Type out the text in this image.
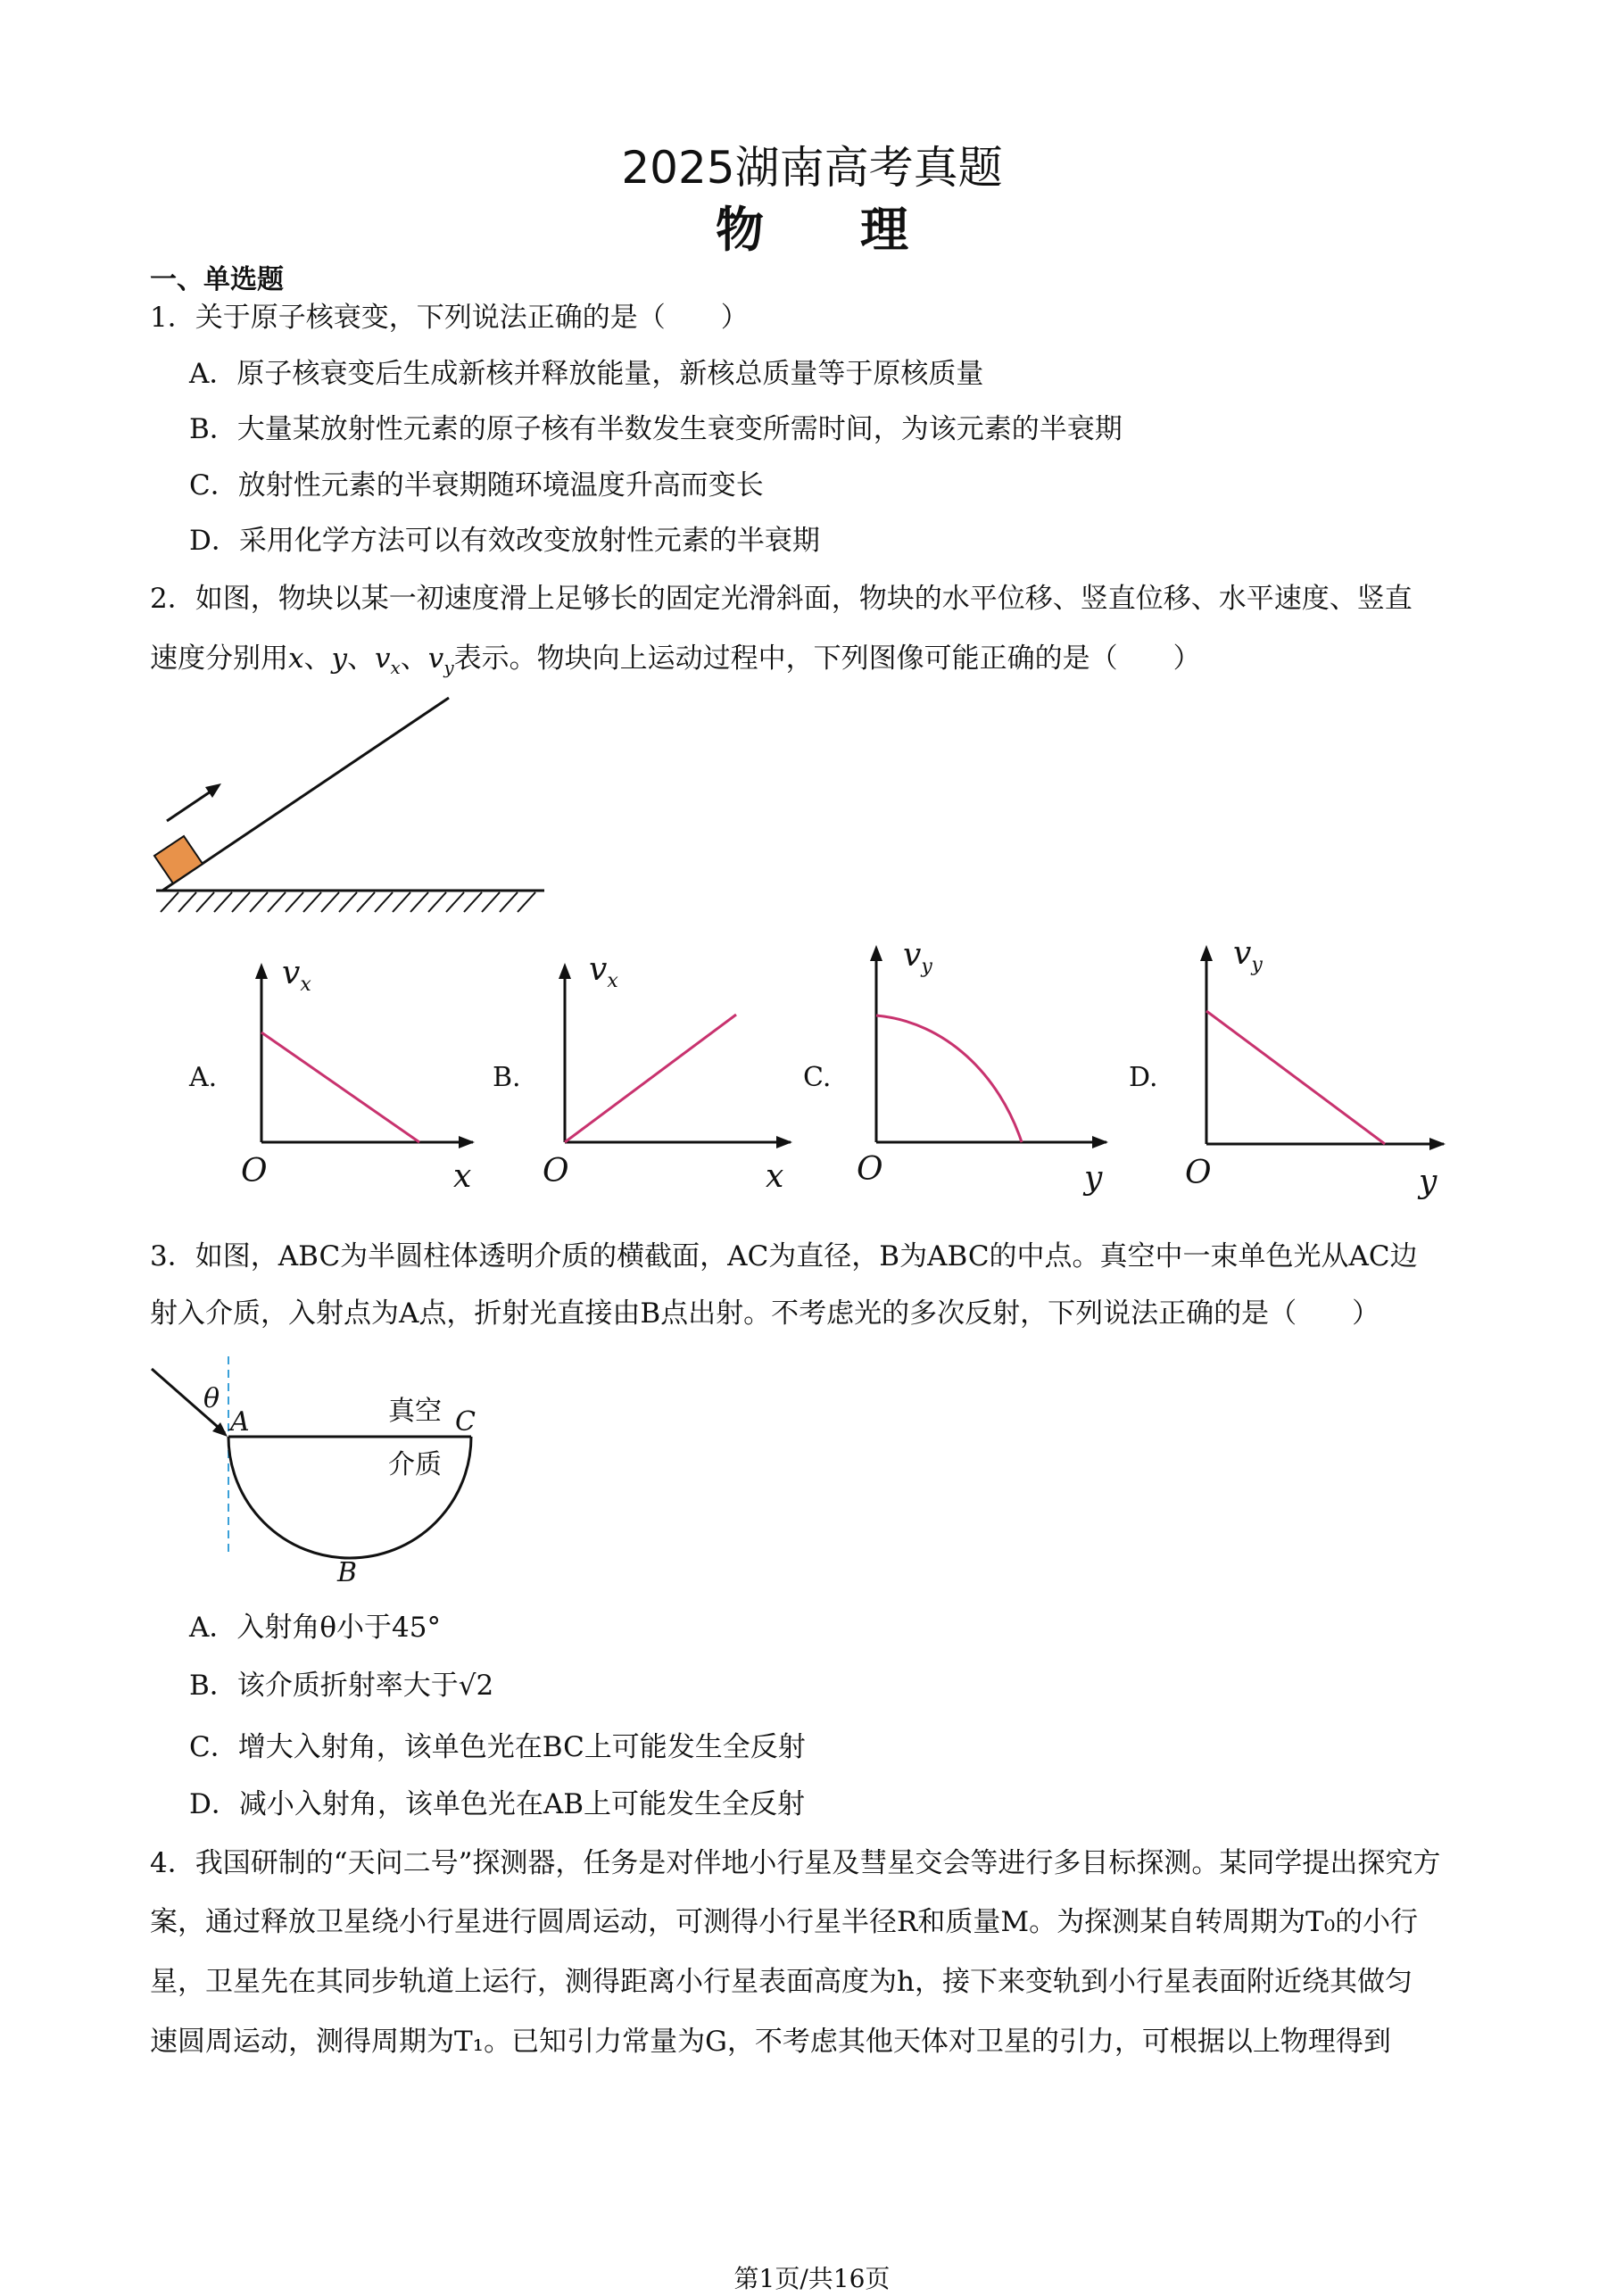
2025湖南高考真题
物　　理
一、单选题
1．关于原子核衰变，下列说法正确的是（　　）
A．原子核衰变后生成新核并释放能量，新核总质量等于原核质量
B．大量某放射性元素的原子核有半数发生衰变所需时间，为该元素的半衰期
C．放射性元素的半衰期随环境温度升高而变长
D．采用化学方法可以有效改变放射性元素的半衰期
2．如图，物块以某一初速度滑上足够长的固定光滑斜面，物块的水平位移、竖直位移、水平速度、竖直
速度分别用x、y、$v_x$、$v_y$表示。物块向上运动过程中，下列图像可能正确的是（　　）
A.
$v_x$
O	x
B.
$v_x$
O	x
C.
$v_y$
O	y
D.
$v_y$
O	y
3．如图，ABC为半圆柱体透明介质的横截面，AC为直径，B为ABC的中点。真空中一束单色光从AC边
射入介质，入射点为A点，折射光直接由B点出射。不考虑光的多次反射，下列说法正确的是（　　）
θ
A	C
B
真空
介质
A．入射角θ小于45°
B．该介质折射率大于√2
C．增大入射角，该单色光在BC上可能发生全反射
D．减小入射角，该单色光在AB上可能发生全反射
4．我国研制的“天问二号”探测器，任务是对伴地小行星及彗星交会等进行多目标探测。某同学提出探究方
案，通过释放卫星绕小行星进行圆周运动，可测得小行星半径R和质量M。为探测某自转周期为T₀的小行
星，卫星先在其同步轨道上运行，测得距离小行星表面高度为h，接下来变轨到小行星表面附近绕其做匀
速圆周运动，测得周期为T₁。已知引力常量为G，不考虑其他天体对卫星的引力，可根据以上物理得到
第1页/共16页
